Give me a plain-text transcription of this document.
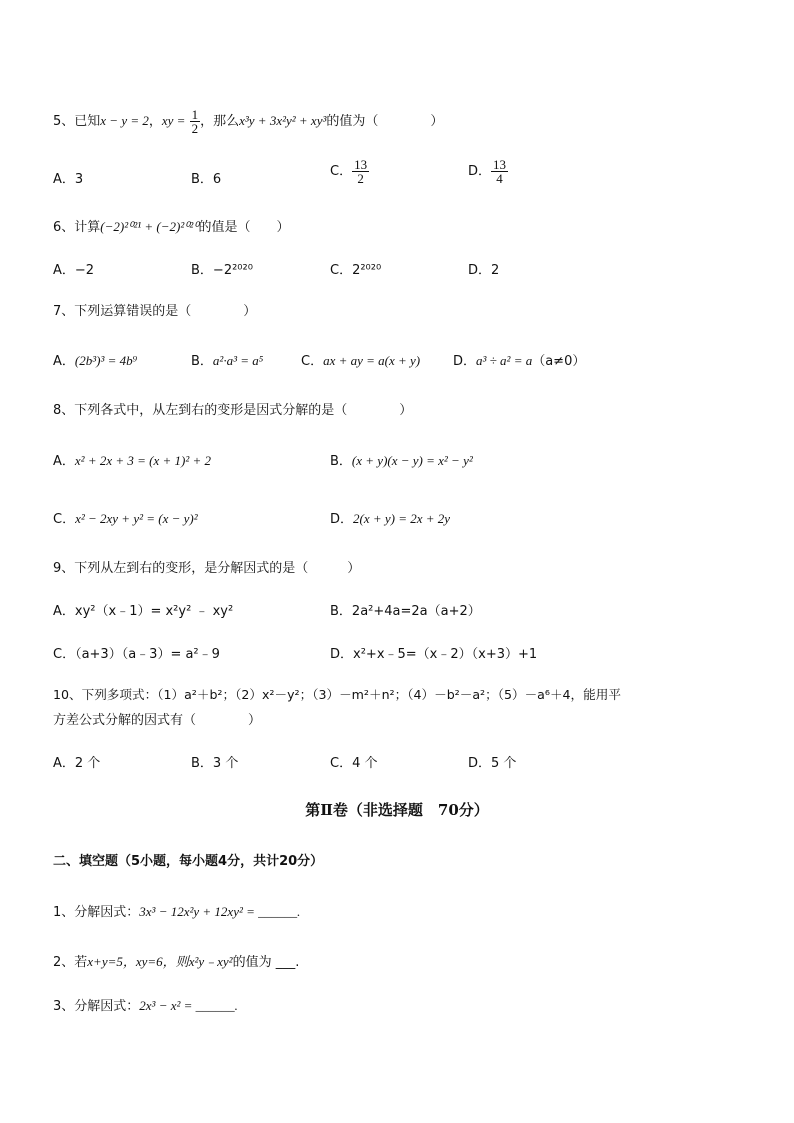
5、已知x − y = 2，xy = $\frac{1}{2}$ ，那么x³y + 3x²y² + xy³的值为（　　　　）
A．3	B．6
C． $\frac{13}{2}$	D． $\frac{13}{4}$
6、计算(−2)²⁰²¹ + (−2)²⁰²⁰的值是（　　）
A．−2	B．−2²⁰²⁰	C．2²⁰²⁰	D．2
7、下列运算错误的是（　　　　）
A．(2b³)³ = 4b⁹	B．a²·a³ = a⁵	C．ax + ay = a(x + y)	D．a³ ÷ a² = a（a≠0）
8、下列各式中，从左到右的变形是因式分解的是（　　　　）
A．x² + 2x + 3 = (x + 1)² + 2	B．(x + y)(x − y) = x² − y²
C．x² − 2xy + y² = (x − y)²	D．2(x + y) = 2x + 2y
9、下列从左到右的变形，是分解因式的是（　　　）
A．xy²（x﹣1）= x²y² ﹣ xy²	B．2a²+4a=2a（a+2）
C．（a+3）（a﹣3）= a²﹣9	D．x²+x﹣5=（x﹣2）（x+3）+1
10、下列多项式：（1）a²＋b²；（2）x²－y²；（3）－m²＋n²；（4）－b²－a²；（5）－a⁶＋4，能用平
方差公式分解的因式有（　　　　）
A．2 个	B．3 个	C．4 个	D．5 个
第Ⅱ卷（非选择题　70分）
二、填空题（5小题，每小题4分，共计20分）
1、分解因式：3x³ − 12x²y + 12xy² = ______.
2、若x+y=5，xy=6，则x²y﹣xy²的值为 ___.
3、分解因式：2x³ − x² = ______.
